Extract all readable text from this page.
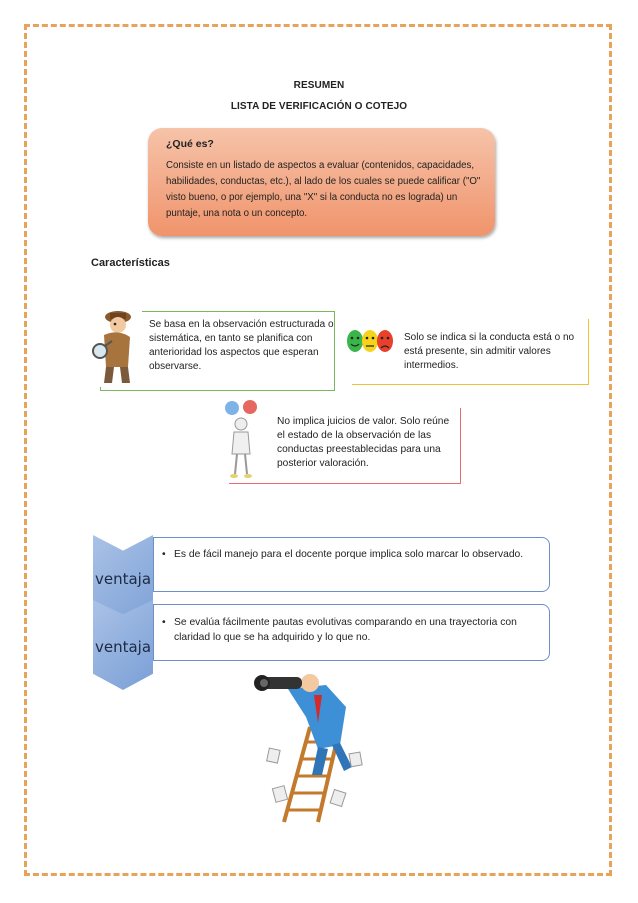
RESUMEN
LISTA DE VERIFICACIÓN O COTEJO
¿Qué es?
Consiste en un listado de aspectos a evaluar (contenidos, capacidades, habilidades, conductas, etc.), al lado de los cuales se puede calificar ("O" visto bueno, o por ejemplo, una "X" si la conducta no es lograda) un puntaje, una nota o un concepto.
Características
Se basa en la observación estructurada o sistemática, en tanto se planifica con anterioridad los aspectos que esperan observarse.
Solo se indica si la conducta está o no está presente, sin admitir valores intermedios.
No implica juicios de valor. Solo reúne el estado de la observación de las conductas preestablecidas para una posterior valoración.
ventaja
• Es de fácil manejo para el docente porque implica solo marcar lo observado.
ventaja
• Se evalúa fácilmente pautas evolutivas comparando en una trayectoria con claridad lo que se ha adquirido y lo que no.
